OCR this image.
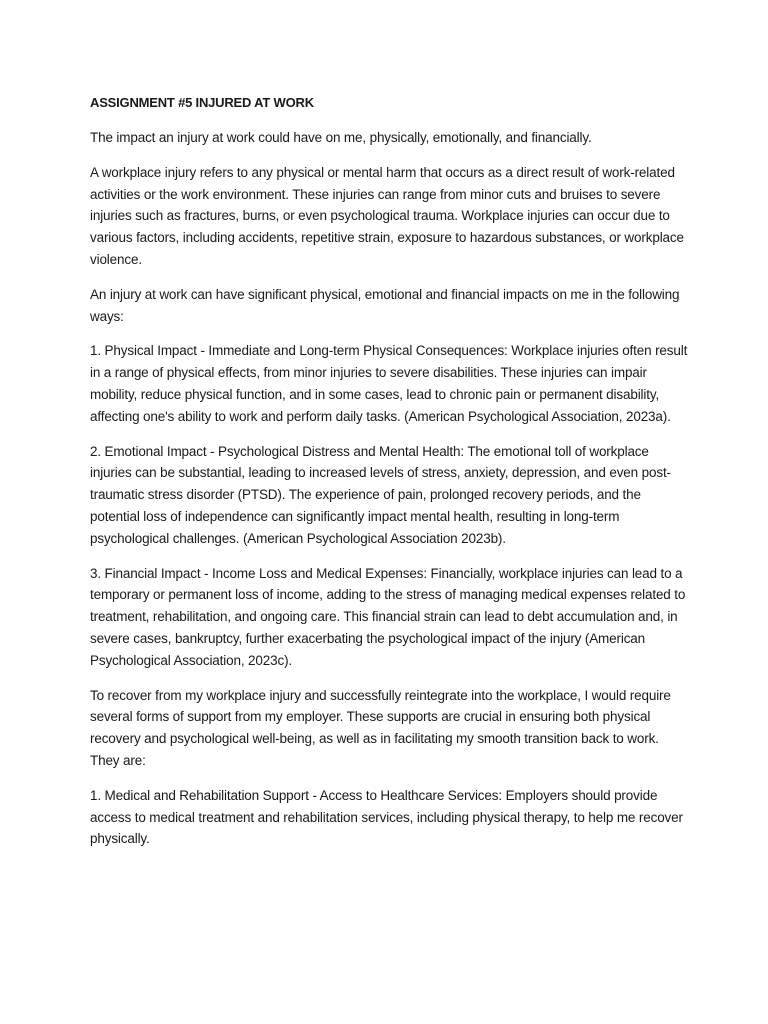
ASSIGNMENT #5 INJURED AT WORK

The impact an injury at work could have on me, physically, emotionally, and financially.

A workplace injury refers to any physical or mental harm that occurs as a direct result of work-related activities or the work environment. These injuries can range from minor cuts and bruises to severe injuries such as fractures, burns, or even psychological trauma. Workplace injuries can occur due to various factors, including accidents, repetitive strain, exposure to hazardous substances, or workplace violence.

An injury at work can have significant physical, emotional and financial impacts on me in the following ways:

1. Physical Impact - Immediate and Long-term Physical Consequences: Workplace injuries often result in a range of physical effects, from minor injuries to severe disabilities. These injuries can impair mobility, reduce physical function, and in some cases, lead to chronic pain or permanent disability, affecting one's ability to work and perform daily tasks. (American Psychological Association, 2023a).

2. Emotional Impact - Psychological Distress and Mental Health: The emotional toll of workplace injuries can be substantial, leading to increased levels of stress, anxiety, depression, and even post-traumatic stress disorder (PTSD). The experience of pain, prolonged recovery periods, and the potential loss of independence can significantly impact mental health, resulting in long-term psychological challenges. (American Psychological Association 2023b).

3. Financial Impact - Income Loss and Medical Expenses: Financially, workplace injuries can lead to a temporary or permanent loss of income, adding to the stress of managing medical expenses related to treatment, rehabilitation, and ongoing care. This financial strain can lead to debt accumulation and, in severe cases, bankruptcy, further exacerbating the psychological impact of the injury (American Psychological Association, 2023c).

To recover from my workplace injury and successfully reintegrate into the workplace, I would require several forms of support from my employer. These supports are crucial in ensuring both physical recovery and psychological well-being, as well as in facilitating my smooth transition back to work. They are:

1. Medical and Rehabilitation Support - Access to Healthcare Services: Employers should provide access to medical treatment and rehabilitation services, including physical therapy, to help me recover physically.
